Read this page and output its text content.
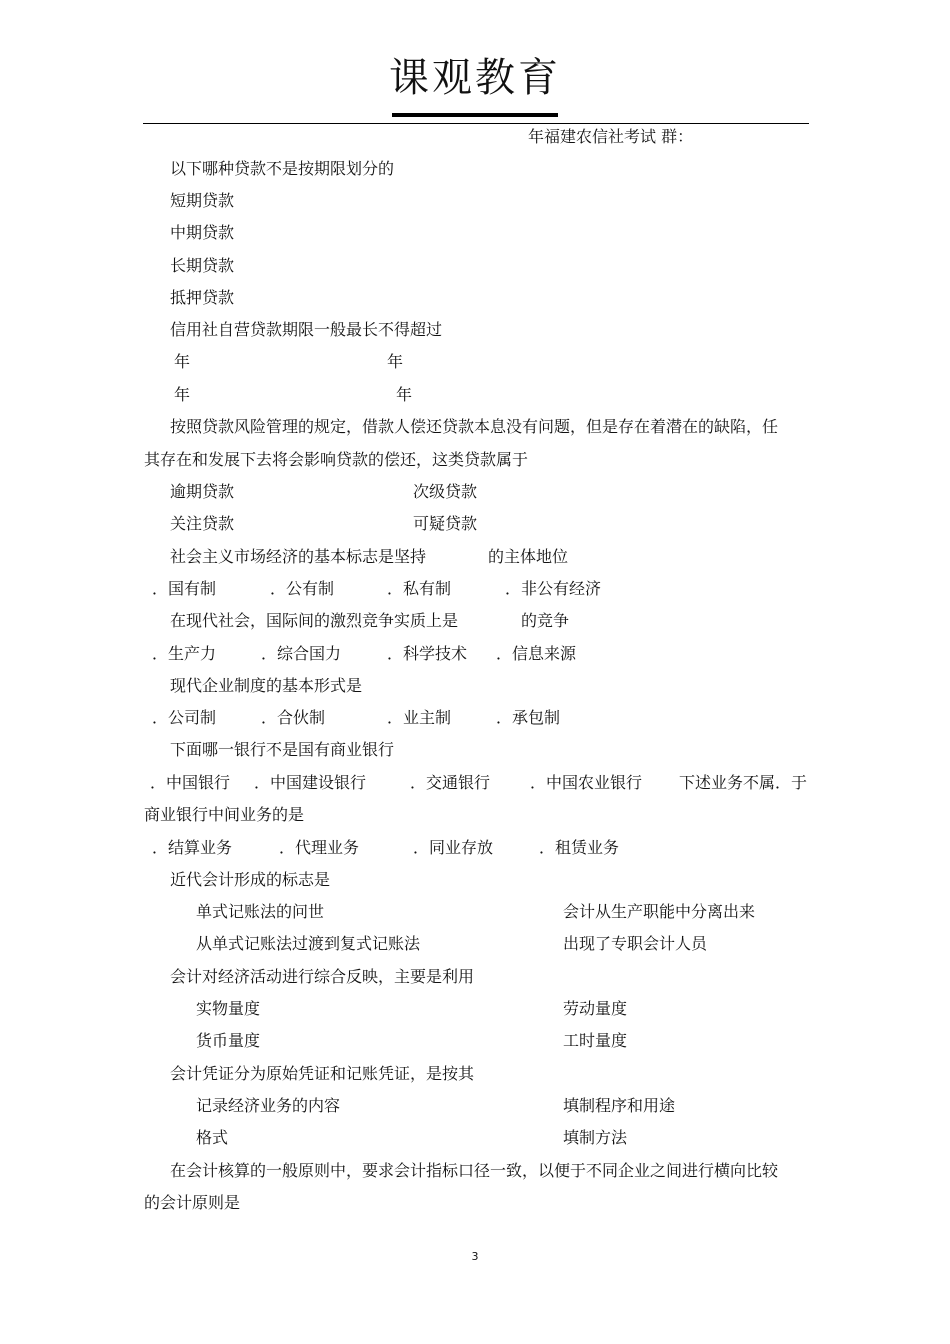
课观教育
年福建农信社考试 群：
以下哪种贷款不是按期限划分的
短期贷款
中期贷款
长期贷款
抵押贷款
信用社自营贷款期限一般最长不得超过
年	年
年	年
按照贷款风险管理的规定，借款人偿还贷款本息没有问题，但是存在着潜在的缺陷，任
其存在和发展下去将会影响贷款的偿还，这类贷款属于
逾期贷款	次级贷款
关注贷款	可疑贷款
社会主义市场经济的基本标志是坚持	的主体地位
．国有制	．公有制	．私有制	．非公有经济
在现代社会，国际间的激烈竞争实质上是	的竞争
．生产力	．综合国力	．科学技术 ．信息来源
现代企业制度的基本形式是
．公司制	．合伙制	．业主制	．承包制
下面哪一银行不是国有商业银行
．中国银行 ．中国建设银行	．交通银行 ．中国农业银行 下述业务不属．于
商业银行中间业务的是
．结算业务	．代理业务	．同业存放	．租赁业务
近代会计形成的标志是
单式记账法的问世	会计从生产职能中分离出来
从单式记账法过渡到复式记账法	出现了专职会计人员
会计对经济活动进行综合反映，主要是利用
实物量度	劳动量度
货币量度	工时量度
会计凭证分为原始凭证和记账凭证，是按其
记录经济业务的内容	填制程序和用途
格式	填制方法
在会计核算的一般原则中，要求会计指标口径一致，以便于不同企业之间进行横向比较
的会计原则是
3
